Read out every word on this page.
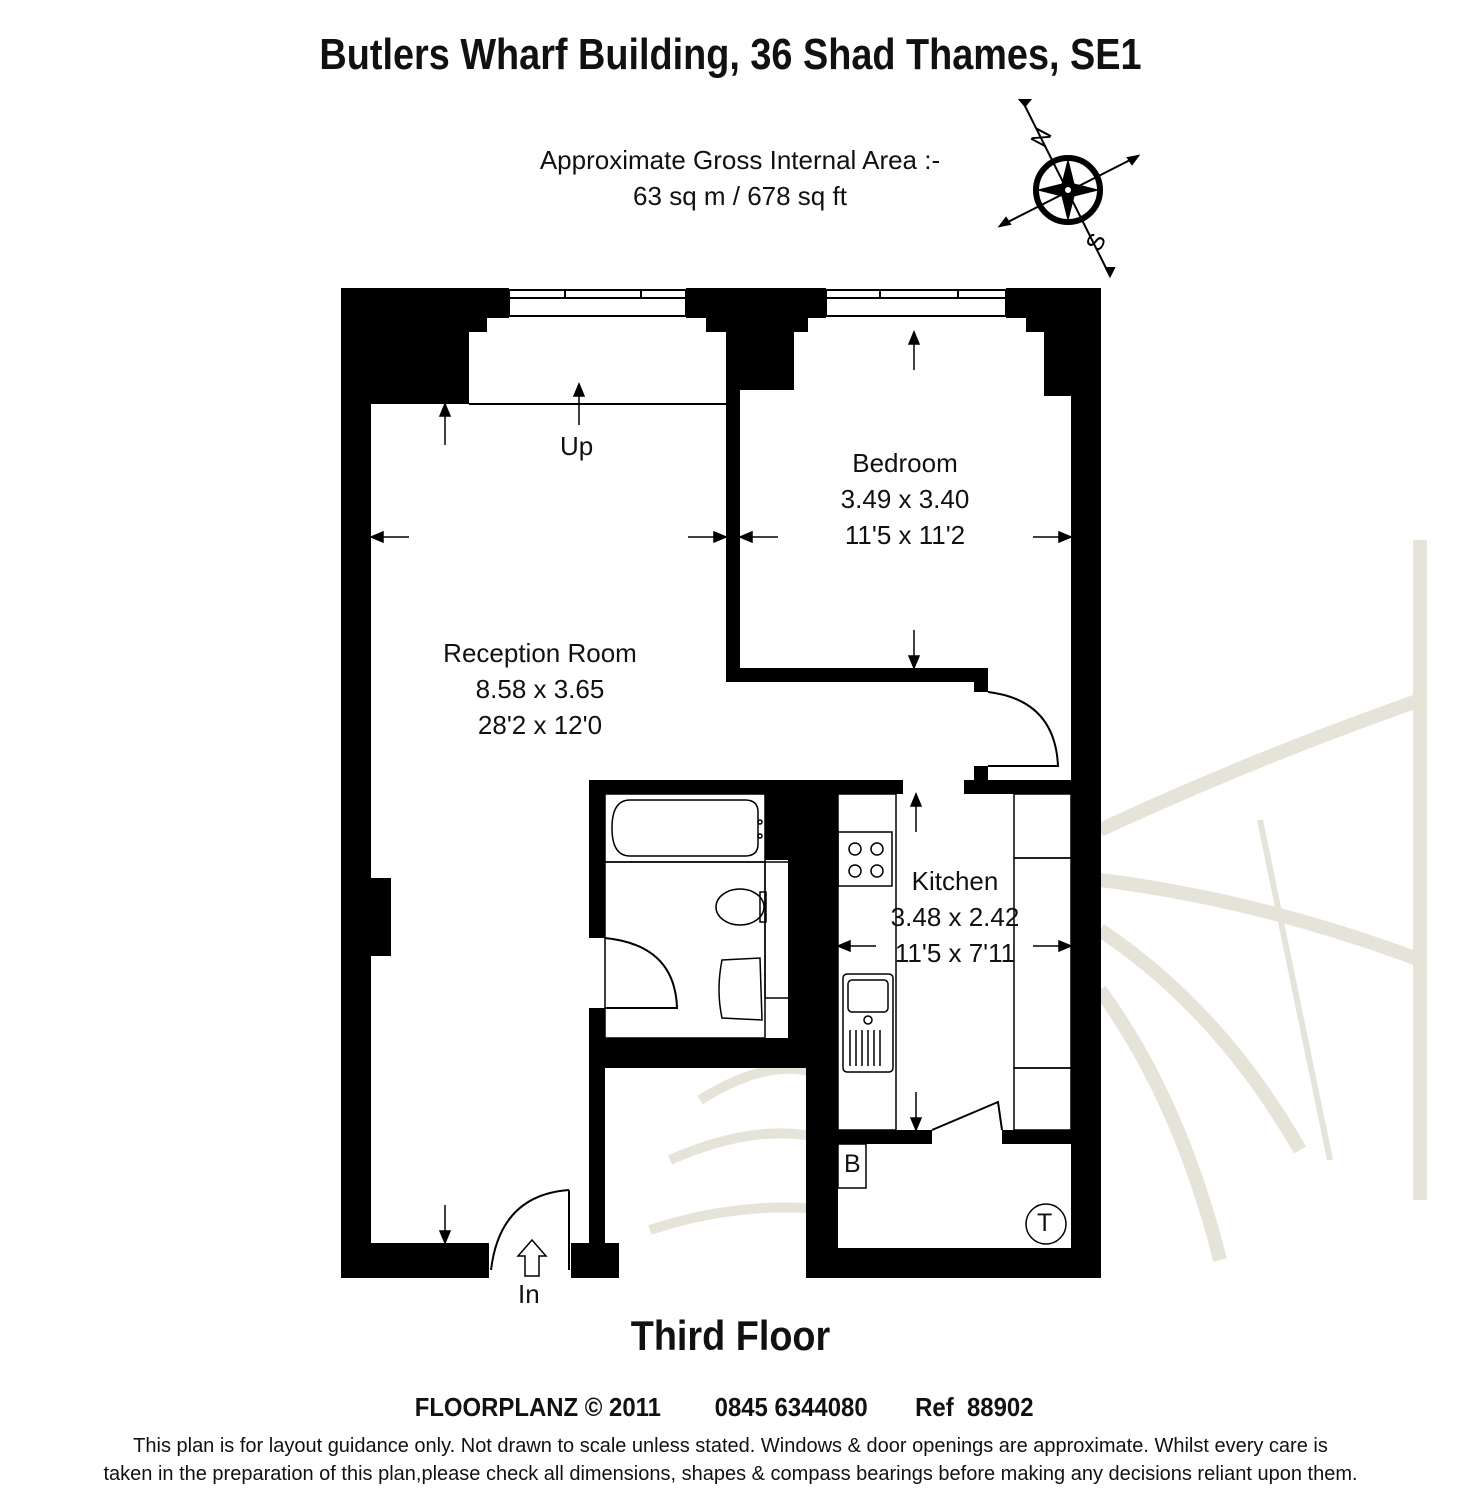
Butlers Wharf Building, 36 Shad Thames, SE1
Approximate Gross Internal Area :-
63 sq m / 678 sq ft
N
S
Bedroom
3.49 x 3.40
11'5 x 11'2
Reception Room
8.58 x 3.65
28'2 x 12'0
Kitchen
3.48 x 2.42
11'5 x 7'11
Up
In
B
T
Third Floor
FLOORPLANZ © 2011 0845 6344080 Ref  88902
This plan is for layout guidance only. Not drawn to scale unless stated. Windows & door openings are approximate. Whilst every care is
taken in the preparation of this plan,please check all dimensions, shapes & compass bearings before making any decisions reliant upon them.
